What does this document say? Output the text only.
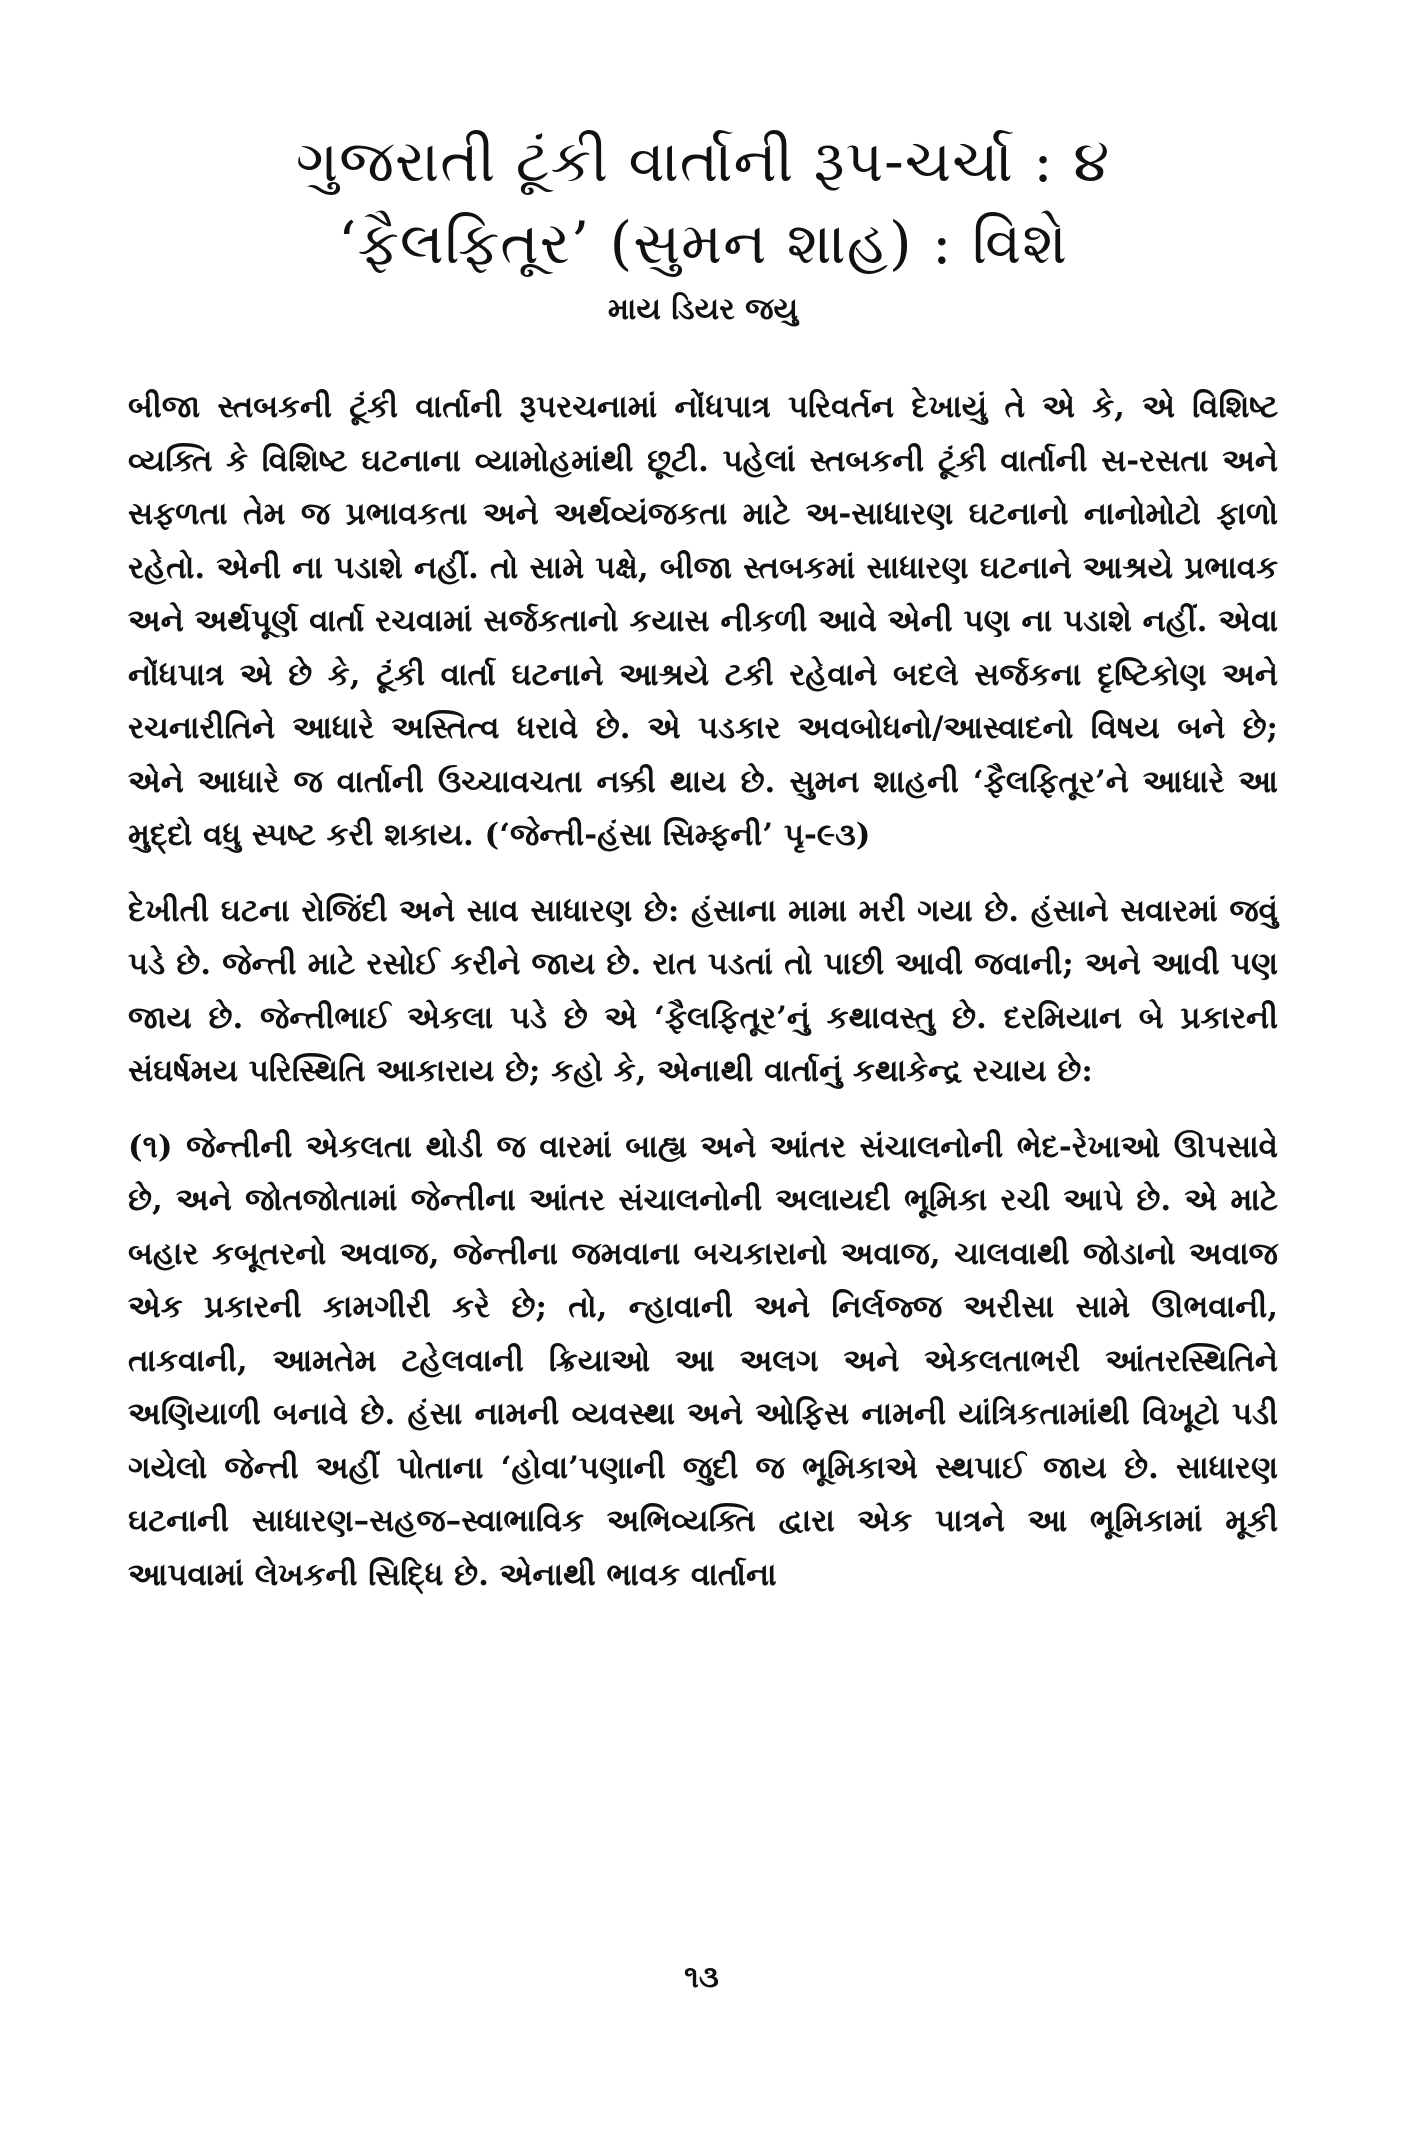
ગુજરાતી ટૂંકી વાર્તાની રૂપ-ચર્ચા : ૪
‘ફૈલફિતૂર’ (સુમન શાહ) : વિશે
માય ડિયર જયુ

બીજા સ્તબકની ટૂંકી વાર્તાની રૂપરચનામાં નોંધપાત્ર પરિવર્તન દેખાયું તે એ કે, એ વિશિષ્ટ વ્યક્તિ કે વિશિષ્ટ ઘટનાના વ્યામોહમાંથી છૂટી. પહેલાં સ્તબકની ટૂંકી વાર્તાની સ-રસતા અને સફળતા તેમ જ પ્રભાવકતા અને અર્થવ્યંજકતા માટે અ-સાધારણ ઘટનાનો નાનોમોટો ફાળો રહેતો. એની ના પડાશે નહીં. તો સામે પક્ષે, બીજા સ્તબકમાં સાધારણ ઘટનાને આશ્રયે પ્રભાવક અને અર્થપૂર્ણ વાર્તા રચવામાં સર્જકતાનો કયાસ નીકળી આવે એની પણ ના પડાશે નહીં. એવા નોંધપાત્ર એ છે કે, ટૂંકી વાર્તા ઘટનાને આશ્રયે ટકી રહેવાને બદલે સર્જકના દૃષ્ટિકોણ અને રચનારીતિને આધારે અસ્તિત્વ ધરાવે છે. એ પડકાર અવબોધનો/આસ્વાદનો વિષય બને છે; એને આધારે જ વાર્તાની ઉચ્ચાવચતા નક્કી થાય છે. સુમન શાહની ‘ફૈલફિતૂર’ને આધારે આ મુદ્દો વધુ સ્પષ્ટ કરી શકાય. (‘જેન્તી-હંસા સિમ્ફની’ પૃ-૯૩)

દેખીતી ઘટના રોજિંદી અને સાવ સાધારણ છે: હંસાના મામા મરી ગયા છે. હંસાને સવારમાં જવું પડે છે. જેન્તી માટે રસોઈ કરીને જાય છે. રાત પડતાં તો પાછી આવી જવાની; અને આવી પણ જાય છે. જેન્તીભાઈ એકલા પડે છે એ ‘ફૈલફિતૂર’નું કથાવસ્તુ છે. દરમિયાન બે પ્રકારની સંઘર્ષમય પરિસ્થિતિ આકારાય છે; કહો કે, એનાથી વાર્તાનું કથાકેન્દ્ર રચાય છે:

(૧) જેન્તીની એકલતા થોડી જ વારમાં બાહ્ય અને આંતર સંચાલનોની ભેદ-રેખાઓ ઊપસાવે છે, અને જોતજોતામાં જેન્તીના આંતર સંચાલનોની અલાયદી ભૂમિકા રચી આપે છે. એ માટે બહાર કબૂતરનો અવાજ, જેન્તીના જમવાના બચકારાનો અવાજ, ચાલવાથી જોડાનો અવાજ એક પ્રકારની કામગીરી કરે છે; તો, ન્હાવાની અને નિર્લજ્જ અરીસા સામે ઊભવાની, તાકવાની, આમતેમ ટહેલવાની ક્રિયાઓ આ અલગ અને એકલતાભરી આંતરસ્થિતિને અણિયાળી બનાવે છે. હંસા નામની વ્યવસ્થા અને ઓફિસ નામની યાંત્રિકતામાંથી વિખૂટો પડી ગયેલો જેન્તી અહીં પોતાના ‘હોવા’પણાની જુદી જ ભૂમિકાએ સ્થપાઈ જાય છે. સાધારણ ઘટનાની સાધારણ–સહજ–સ્વાભાવિક અભિવ્યક્તિ દ્વારા એક પાત્રને આ ભૂમિકામાં મૂકી આપવામાં લેખકની સિદ્ધિ છે. એનાથી ભાવક વાર્તાના

૧૩
